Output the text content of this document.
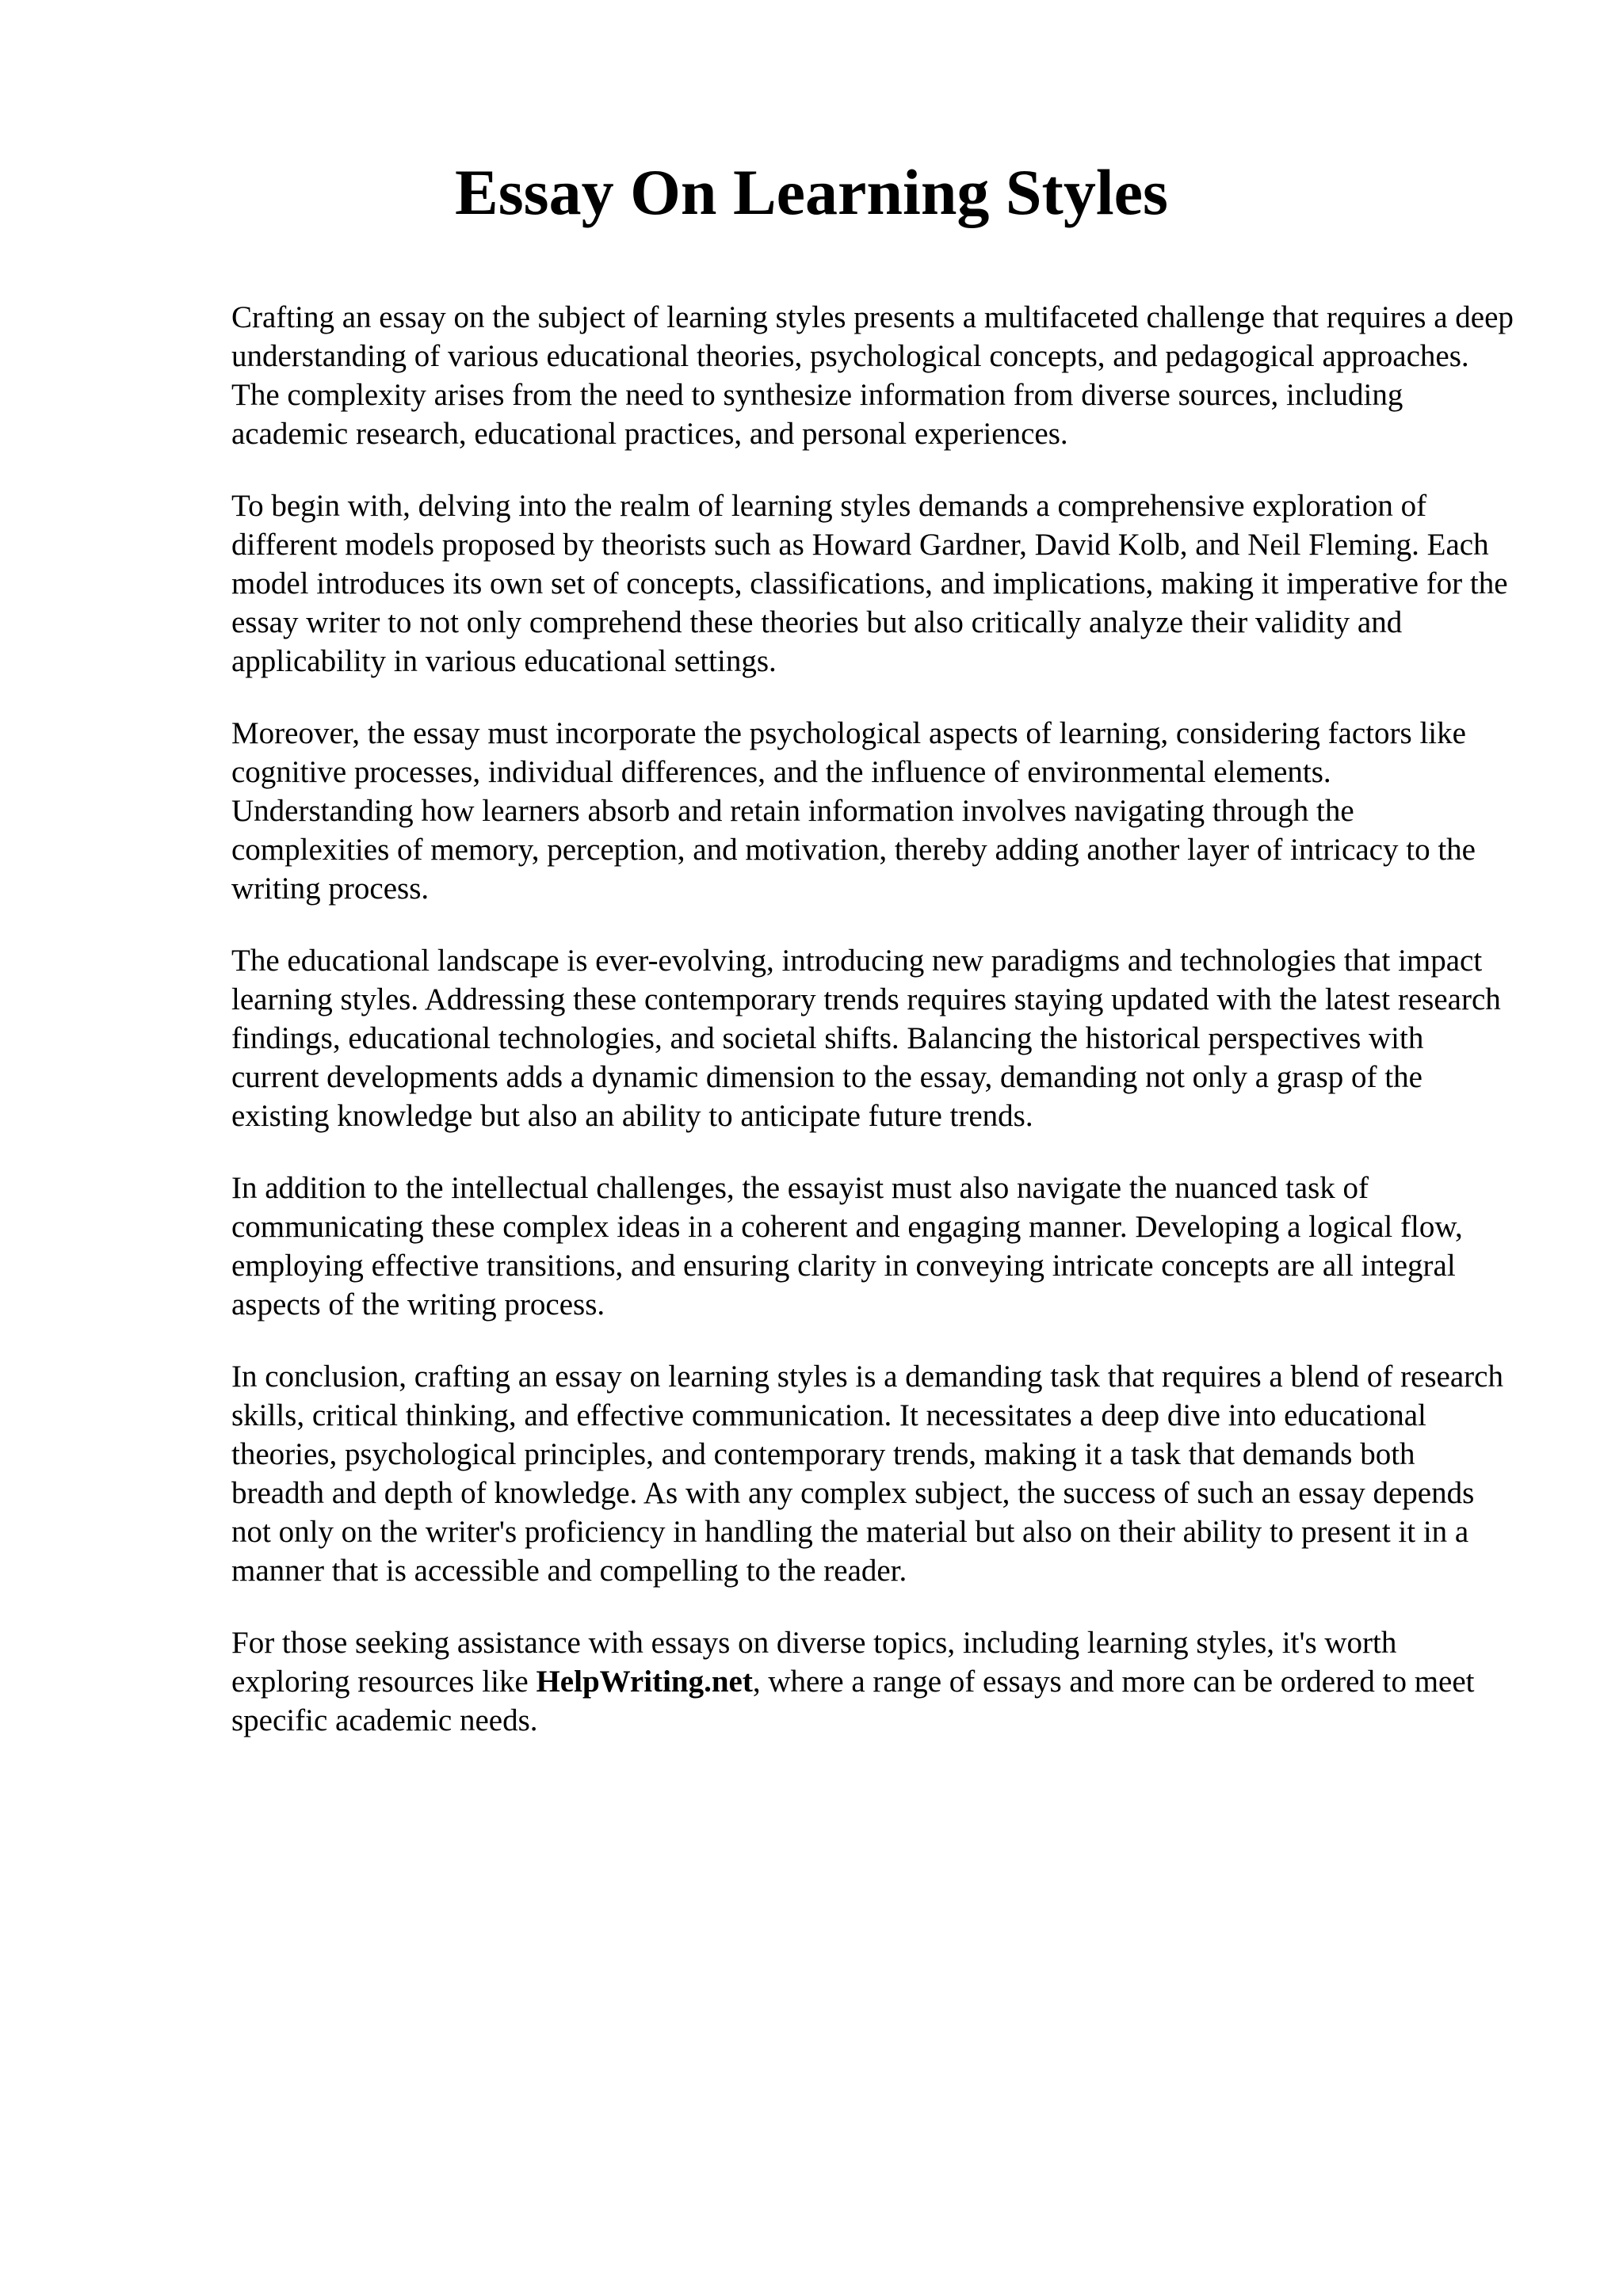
Essay On Learning Styles

Crafting an essay on the subject of learning styles presents a multifaceted challenge that requires a deep understanding of various educational theories, psychological concepts, and pedagogical approaches. The complexity arises from the need to synthesize information from diverse sources, including academic research, educational practices, and personal experiences.

To begin with, delving into the realm of learning styles demands a comprehensive exploration of different models proposed by theorists such as Howard Gardner, David Kolb, and Neil Fleming. Each model introduces its own set of concepts, classifications, and implications, making it imperative for the essay writer to not only comprehend these theories but also critically analyze their validity and applicability in various educational settings.

Moreover, the essay must incorporate the psychological aspects of learning, considering factors like cognitive processes, individual differences, and the influence of environmental elements. Understanding how learners absorb and retain information involves navigating through the complexities of memory, perception, and motivation, thereby adding another layer of intricacy to the writing process.

The educational landscape is ever-evolving, introducing new paradigms and technologies that impact learning styles. Addressing these contemporary trends requires staying updated with the latest research findings, educational technologies, and societal shifts. Balancing the historical perspectives with current developments adds a dynamic dimension to the essay, demanding not only a grasp of the existing knowledge but also an ability to anticipate future trends.

In addition to the intellectual challenges, the essayist must also navigate the nuanced task of communicating these complex ideas in a coherent and engaging manner. Developing a logical flow, employing effective transitions, and ensuring clarity in conveying intricate concepts are all integral aspects of the writing process.

In conclusion, crafting an essay on learning styles is a demanding task that requires a blend of research skills, critical thinking, and effective communication. It necessitates a deep dive into educational theories, psychological principles, and contemporary trends, making it a task that demands both breadth and depth of knowledge. As with any complex subject, the success of such an essay depends not only on the writer's proficiency in handling the material but also on their ability to present it in a manner that is accessible and compelling to the reader.

For those seeking assistance with essays on diverse topics, including learning styles, it's worth exploring resources like HelpWriting.net, where a range of essays and more can be ordered to meet specific academic needs.
